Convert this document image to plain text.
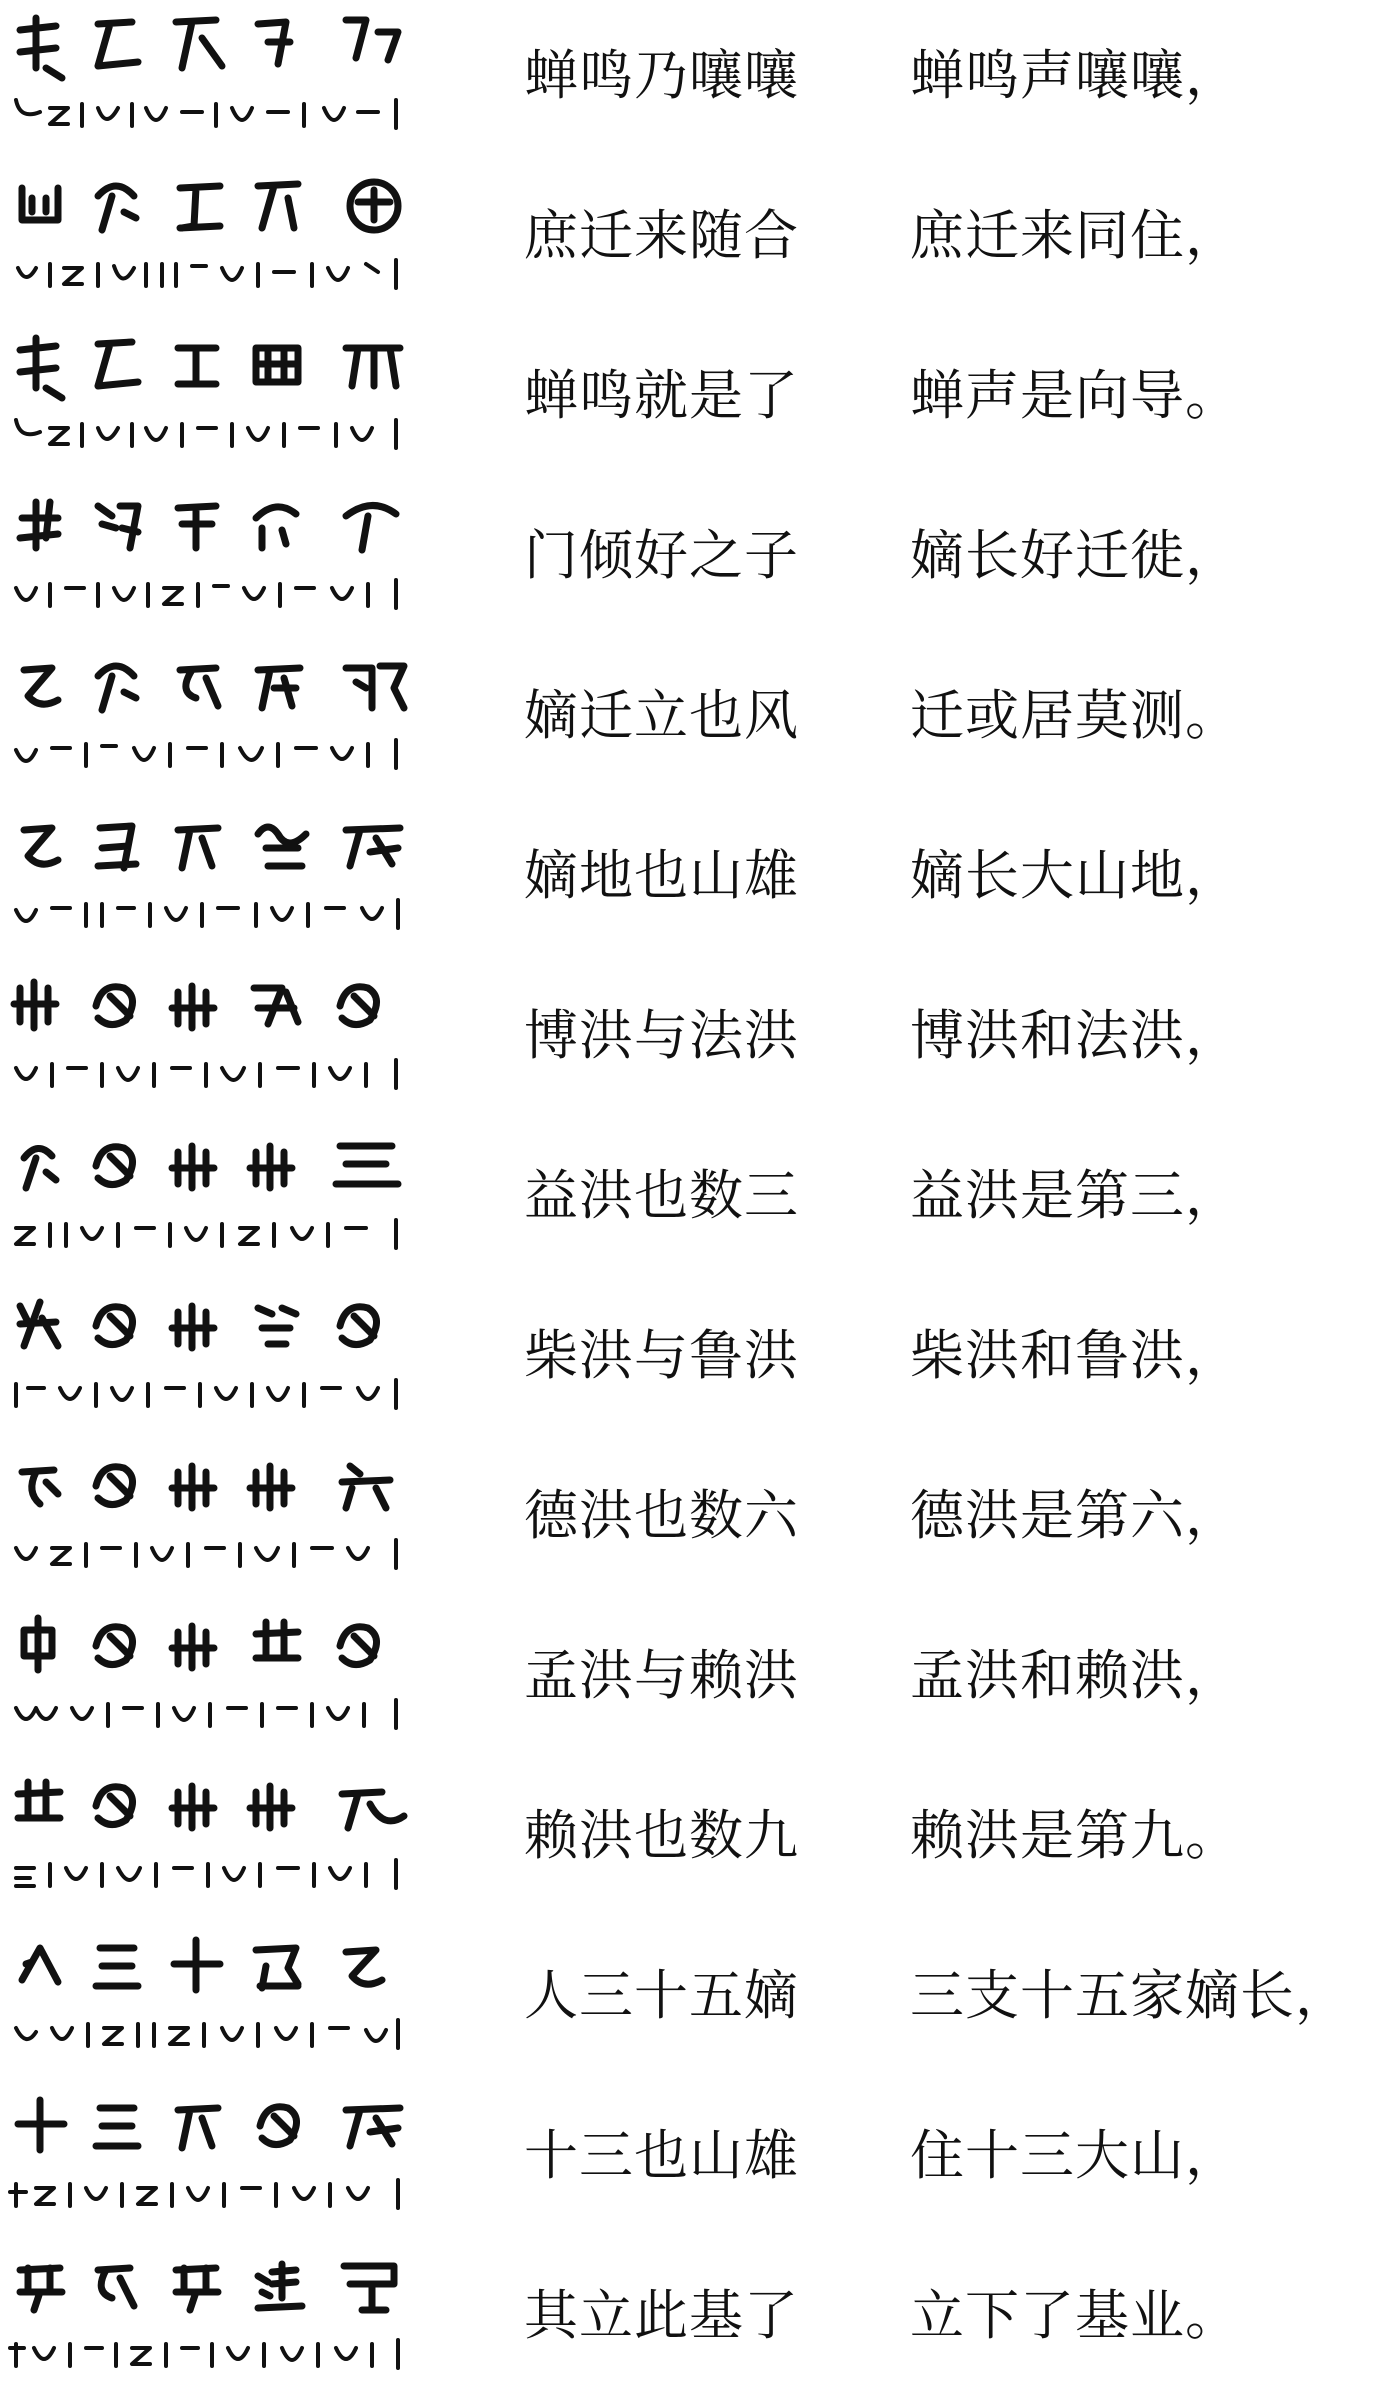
蝉鸣乃嚷嚷 蝉鸣声嚷嚷，
庶迁来随合 庶迁来同住，
蝉鸣就是了 蝉声是向导。
门倾好之子 嫡长好迁徙，
嫡迁立也风 迁或居莫测。
嫡地也山雄 嫡长大山地，
博洪与法洪 博洪和法洪，
益洪也数三 益洪是第三，
柴洪与鲁洪 柴洪和鲁洪，
德洪也数六 德洪是第六，
孟洪与赖洪 孟洪和赖洪，
赖洪也数九 赖洪是第九。
人三十五嫡 三支十五家嫡长，
十三也山雄 住十三大山，
其立此基了 立下了基业。
